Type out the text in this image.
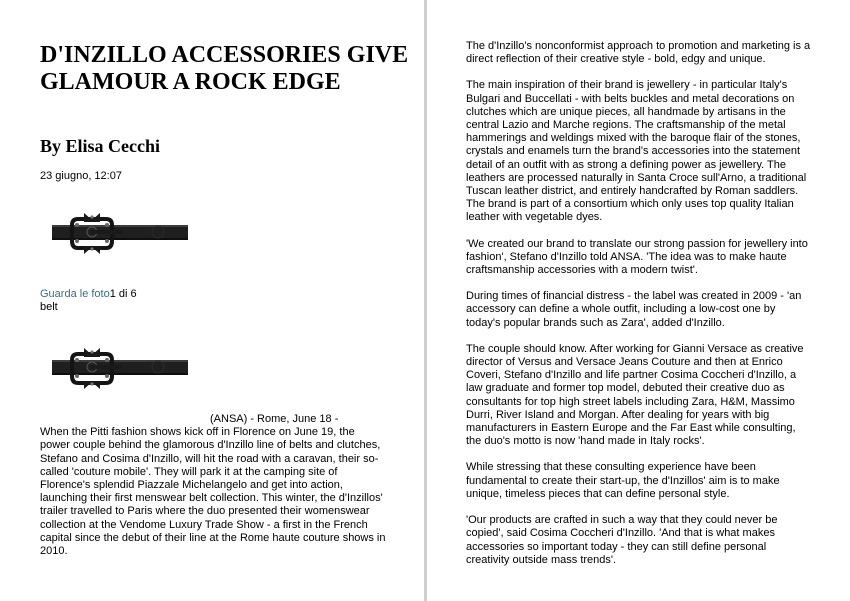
D'INZILLO ACCESSORIES GIVE GLAMOUR A ROCK EDGE
By Elisa Cecchi
23 giugno, 12:07
Guarda le foto1 di 6
belt

(ANSA) - Rome, June 18 -
When the Pitti fashion shows kick off in Florence on June 19, the power couple behind the glamorous d'Inzillo line of belts and clutches, Stefano and Cosima d'Inzillo, will hit the road with a caravan, their so-called 'couture mobile'. They will park it at the camping site of Florence's splendid Piazzale Michelangelo and get into action, launching their first menswear belt collection. This winter, the d'Inzillos' trailer travelled to Paris where the duo presented their womenswear collection at the Vendome Luxury Trade Show - a first in the French capital since the debut of their line at the Rome haute couture shows in 2010.

The d'Inzillo's nonconformist approach to promotion and marketing is a direct reflection of their creative style - bold, edgy and unique.

The main inspiration of their brand is jewellery - in particular Italy's Bulgari and Buccellati - with belts buckles and metal decorations on clutches which are unique pieces, all handmade by artisans in the central Lazio and Marche regions. The craftsmanship of the metal hammerings and weldings mixed with the baroque flair of the stones, crystals and enamels turn the brand's accessories into the statement detail of an outfit with as strong a defining power as jewellery. The leathers are processed naturally in Santa Croce sull'Arno, a traditional Tuscan leather district, and entirely handcrafted by Roman saddlers. The brand is part of a consortium which only uses top quality Italian leather with vegetable dyes.

'We created our brand to translate our strong passion for jewellery into fashion', Stefano d'Inzillo told ANSA. 'The idea was to make haute craftsmanship accessories with a modern twist'.

During times of financial distress - the label was created in 2009 - 'an accessory can define a whole outfit, including a low-cost one by today's popular brands such as Zara', added d'Inzillo.

The couple should know. After working for Gianni Versace as creative director of Versus and Versace Jeans Couture and then at Enrico Coveri, Stefano d'Inzillo and life partner Cosima Coccheri d'Inzillo, a law graduate and former top model, debuted their creative duo as consultants for top high street labels including Zara, H&M, Massimo Durri, River Island and Morgan. After dealing for years with big manufacturers in Eastern Europe and the Far East while consulting, the duo's motto is now 'hand made in Italy rocks'.

While stressing that these consulting experience have been fundamental to create their start-up, the d'Inzillos' aim is to make unique, timeless pieces that can define personal style.

'Our products are crafted in such a way that they could never be copied', said Cosima Coccheri d'Inzillo. 'And that is what makes accessories so important today - they can still define personal creativity outside mass trends'.
